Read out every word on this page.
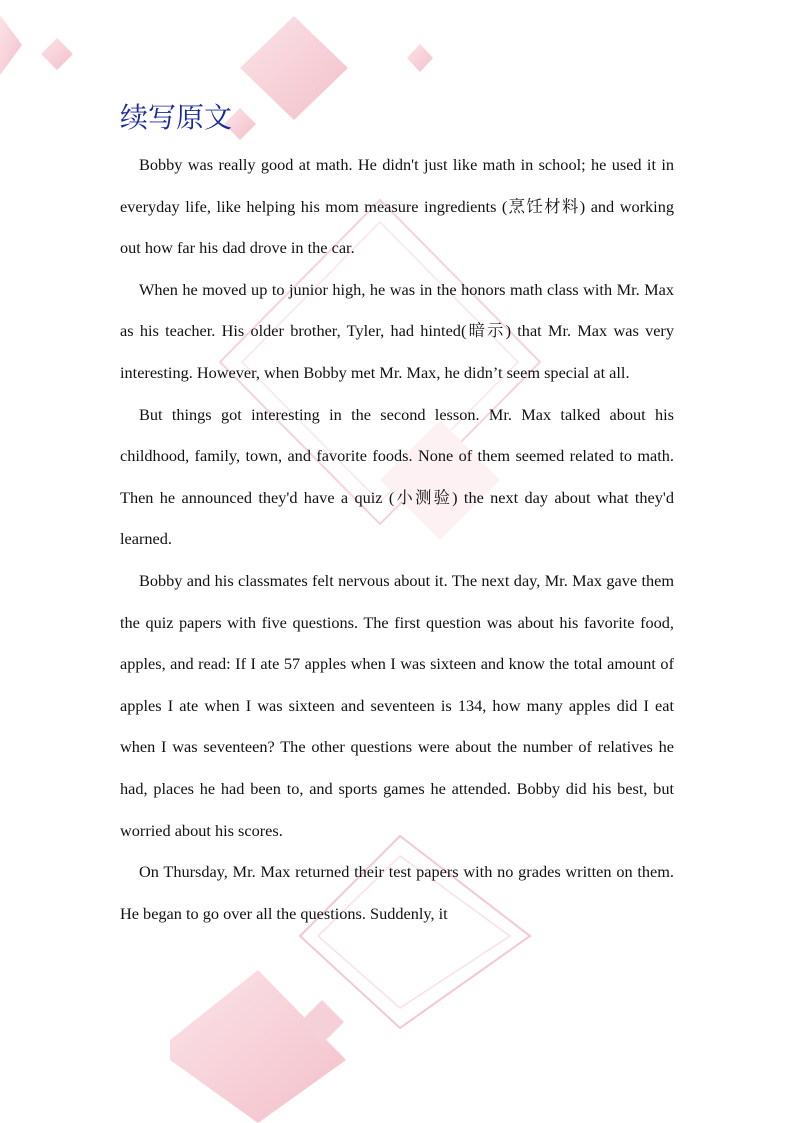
续写原文

Bobby was really good at math. He didn't just like math in school; he used it in everyday life, like helping his mom measure ingredients (烹饪材料) and working out how far his dad drove in the car.

When he moved up to junior high, he was in the honors math class with Mr. Max as his teacher. His older brother, Tyler, had hinted(暗示) that Mr. Max was very interesting. However, when Bobby met Mr. Max, he didn’t seem special at all.

But things got interesting in the second lesson. Mr. Max talked about his childhood, family, town, and favorite foods. None of them seemed related to math. Then he announced they'd have a quiz (小测验) the next day about what they'd learned.

Bobby and his classmates felt nervous about it. The next day, Mr. Max gave them the quiz papers with five questions. The first question was about his favorite food, apples, and read: If I ate 57 apples when I was sixteen and know the total amount of apples I ate when I was sixteen and seventeen is 134, how many apples did I eat when I was seventeen? The other questions were about the number of relatives he had, places he had been to, and sports games he attended. Bobby did his best, but worried about his scores.

On Thursday, Mr. Max returned their test papers with no grades written on them. He began to go over all the questions. Suddenly, it
